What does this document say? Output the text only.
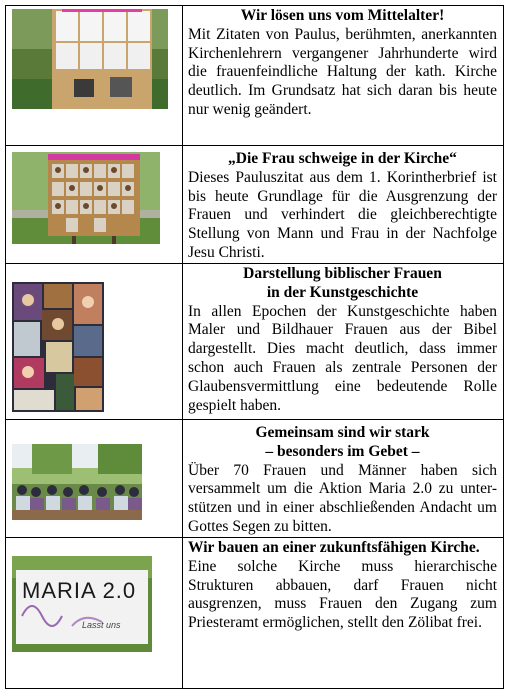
Wir lösen uns vom Mittelalter!
Mit Zitaten von Paulus, berühmten, anerkannten Kirchenlehrern vergangener Jahrhunderte wird die frauenfeindliche Haltung der kath. Kirche deutlich. Im Grundsatz hat sich daran bis heute nur wenig geändert.
„Die Frau schweige in der Kirche“
Dieses Pauluszitat aus dem 1. Korintherbrief ist bis heute Grundlage für die Ausgrenzung der Frauen und verhindert die gleichberechtigte Stellung von Mann und Frau in der Nachfolge Jesu Christi.
Darstellung biblischer Frauen
in der Kunstgeschichte
In allen Epochen der Kunstgeschichte haben Maler und Bildhauer Frauen aus der Bibel dargestellt. Dies macht deutlich, dass immer schon auch Frauen als zentrale Personen der Glaubensvermittlung eine bedeutende Rolle gespielt haben.
Gemeinsam sind wir stark
– besonders im Gebet –
Über 70 Frauen und Männer haben sich versammelt um die Aktion Maria 2.0 zu unter-stützen und in einer abschließenden Andacht um Gottes Segen zu bitten.
Lasst uns
MARIA 2.0
Wir bauen an einer zukunftsfähigen Kirche.
Eine solche Kirche muss hierarchische Strukturen abbauen, darf Frauen nicht ausgrenzen, muss Frauen den Zugang zum Priesteramt ermöglichen, stellt den Zölibat frei.
